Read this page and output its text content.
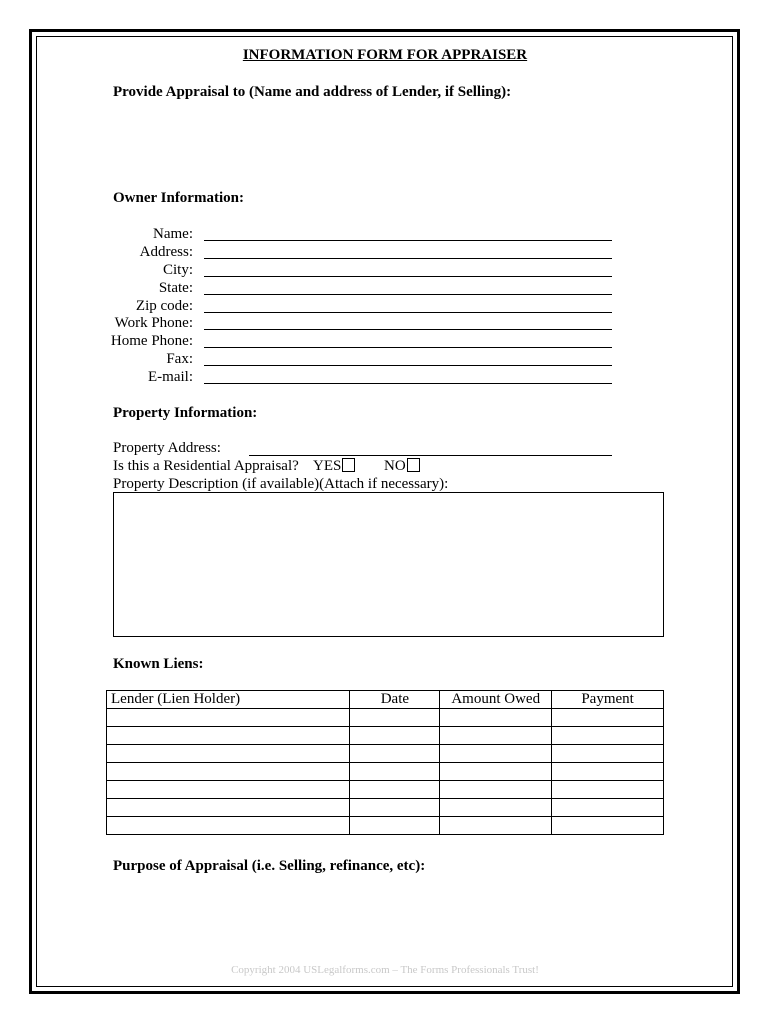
INFORMATION FORM FOR APPRAISER
Provide Appraisal to (Name and address of Lender, if Selling):
Owner Information:
Name:
Address:
City:
State:
Zip code:
Work Phone:
Home Phone:
Fax:
E-mail:
Property Information:
Property Address:
Is this a Residential Appraisal? YES	NO
Property Description (if available)(Attach if necessary):
Known Liens:
Lender (Lien Holder)	Date	Amount Owed	Payment

Purpose of Appraisal (i.e. Selling, refinance, etc):
Copyright 2004 USLegalforms.com – The Forms Professionals Trust!
